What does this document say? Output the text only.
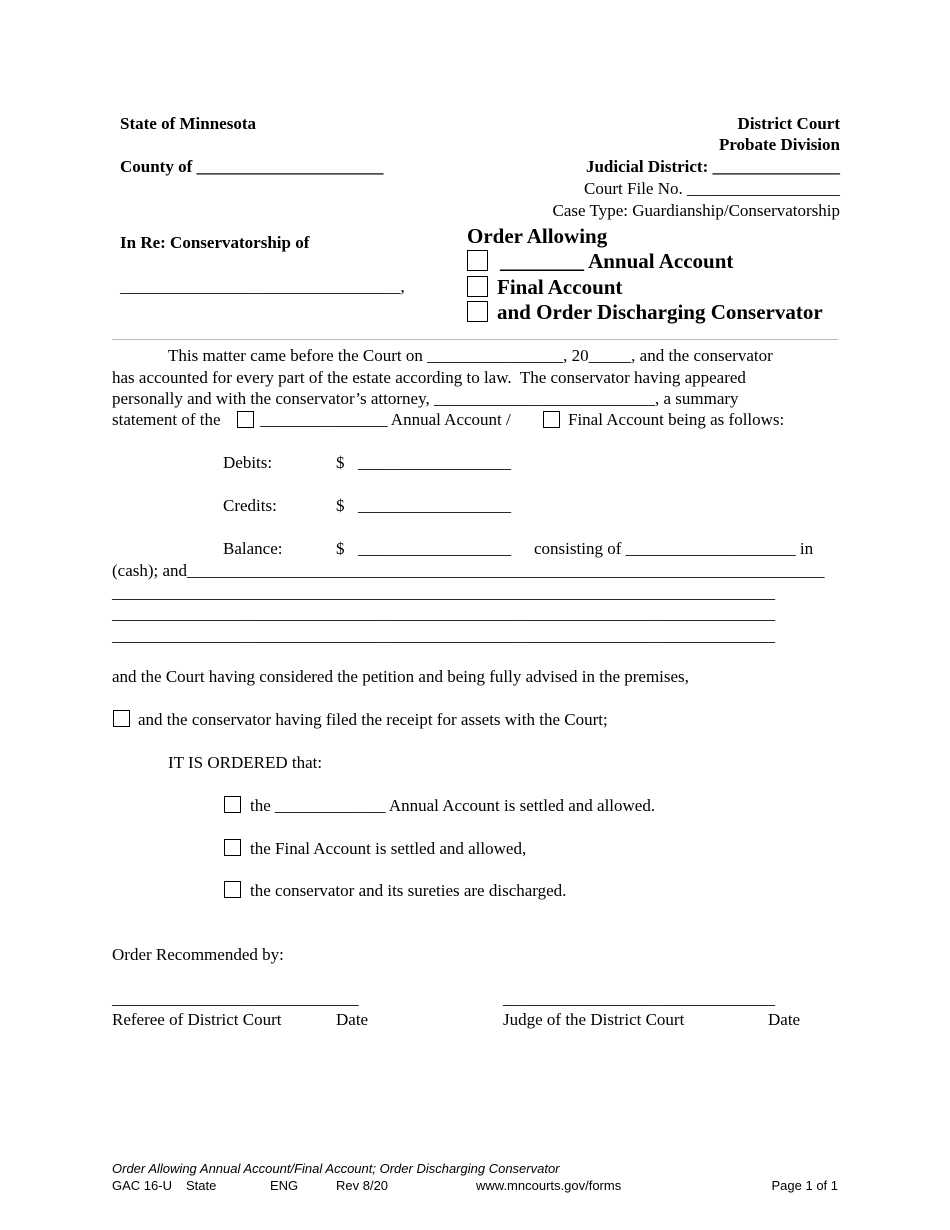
State of Minnesota
County of ______________________
District Court
Probate Division
Judicial District: _______________
Court File No. __________________
Case Type: Guardianship/Conservatorship
In Re: Conservatorship of
_________________________________,
Order Allowing
________ Annual Account
Final Account
and Order Discharging Conservator
This matter came before the Court on ________________, 20_____, and the conservator
has accounted for every part of the estate according to law.  The conservator having appeared
personally and with the conservator’s attorney, __________________________, a summary
statement of the _______________ Annual Account /	Final Account being as follows:
Debits:	$ __________________
Credits:	$ __________________
Balance:	$ __________________ consisting of ____________________ in
(cash); and___________________________________________________________________________
______________________________________________________________________________
______________________________________________________________________________
______________________________________________________________________________
and the Court having considered the petition and being fully advised in the premises,
and the conservator having filed the receipt for assets with the Court;
IT IS ORDERED that:
the _____________ Annual Account is settled and allowed.
the Final Account is settled and allowed,
the conservator and its sureties are discharged.
Order Recommended by:
_____________________________
Referee of District Court	Date
________________________________
Judge of the District Court	Date
Order Allowing Annual Account/Final Account; Order Discharging Conservator
GAC 16-U State	ENG	Rev 8/20	www.mncourts.gov/forms	Page 1 of 1
